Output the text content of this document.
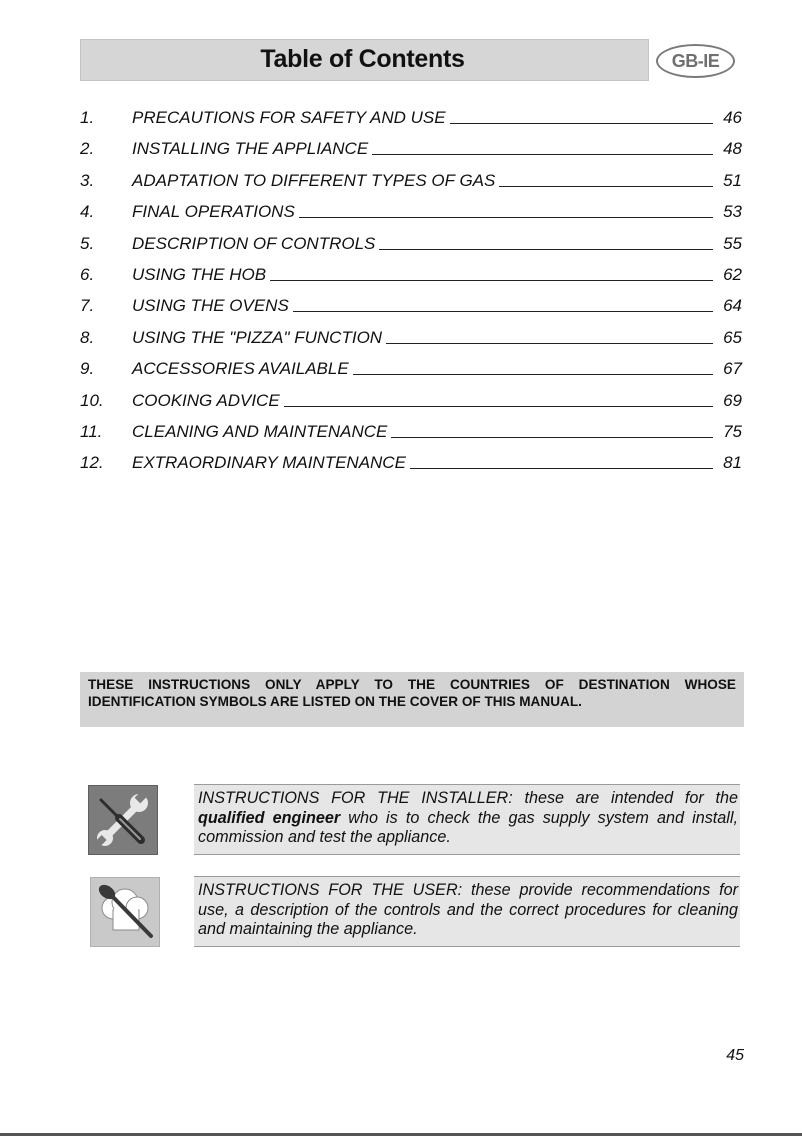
Table of Contents	GB-IE
1.	PRECAUTIONS FOR SAFETY AND USE	46
2.	INSTALLING THE APPLIANCE	48
3.	ADAPTATION TO DIFFERENT TYPES OF GAS	51
4.	FINAL OPERATIONS	53
5.	DESCRIPTION OF CONTROLS	55
6.	USING THE HOB	62
7.	USING THE OVENS	64
8.	USING THE "PIZZA" FUNCTION	65
9.	ACCESSORIES AVAILABLE	67
10.	COOKING ADVICE	69
11.	CLEANING AND MAINTENANCE	75
12.	EXTRAORDINARY MAINTENANCE	81
THESE INSTRUCTIONS ONLY APPLY TO THE COUNTRIES OF DESTINATION WHOSE IDENTIFICATION SYMBOLS ARE LISTED ON THE COVER OF THIS MANUAL.
INSTRUCTIONS FOR THE INSTALLER: these are intended for the qualified engineer who is to check the gas supply system and install, commission and test the appliance.
INSTRUCTIONS FOR THE USER: these provide recommendations for use, a description of the controls and the correct procedures for cleaning and maintaining the appliance.
45
